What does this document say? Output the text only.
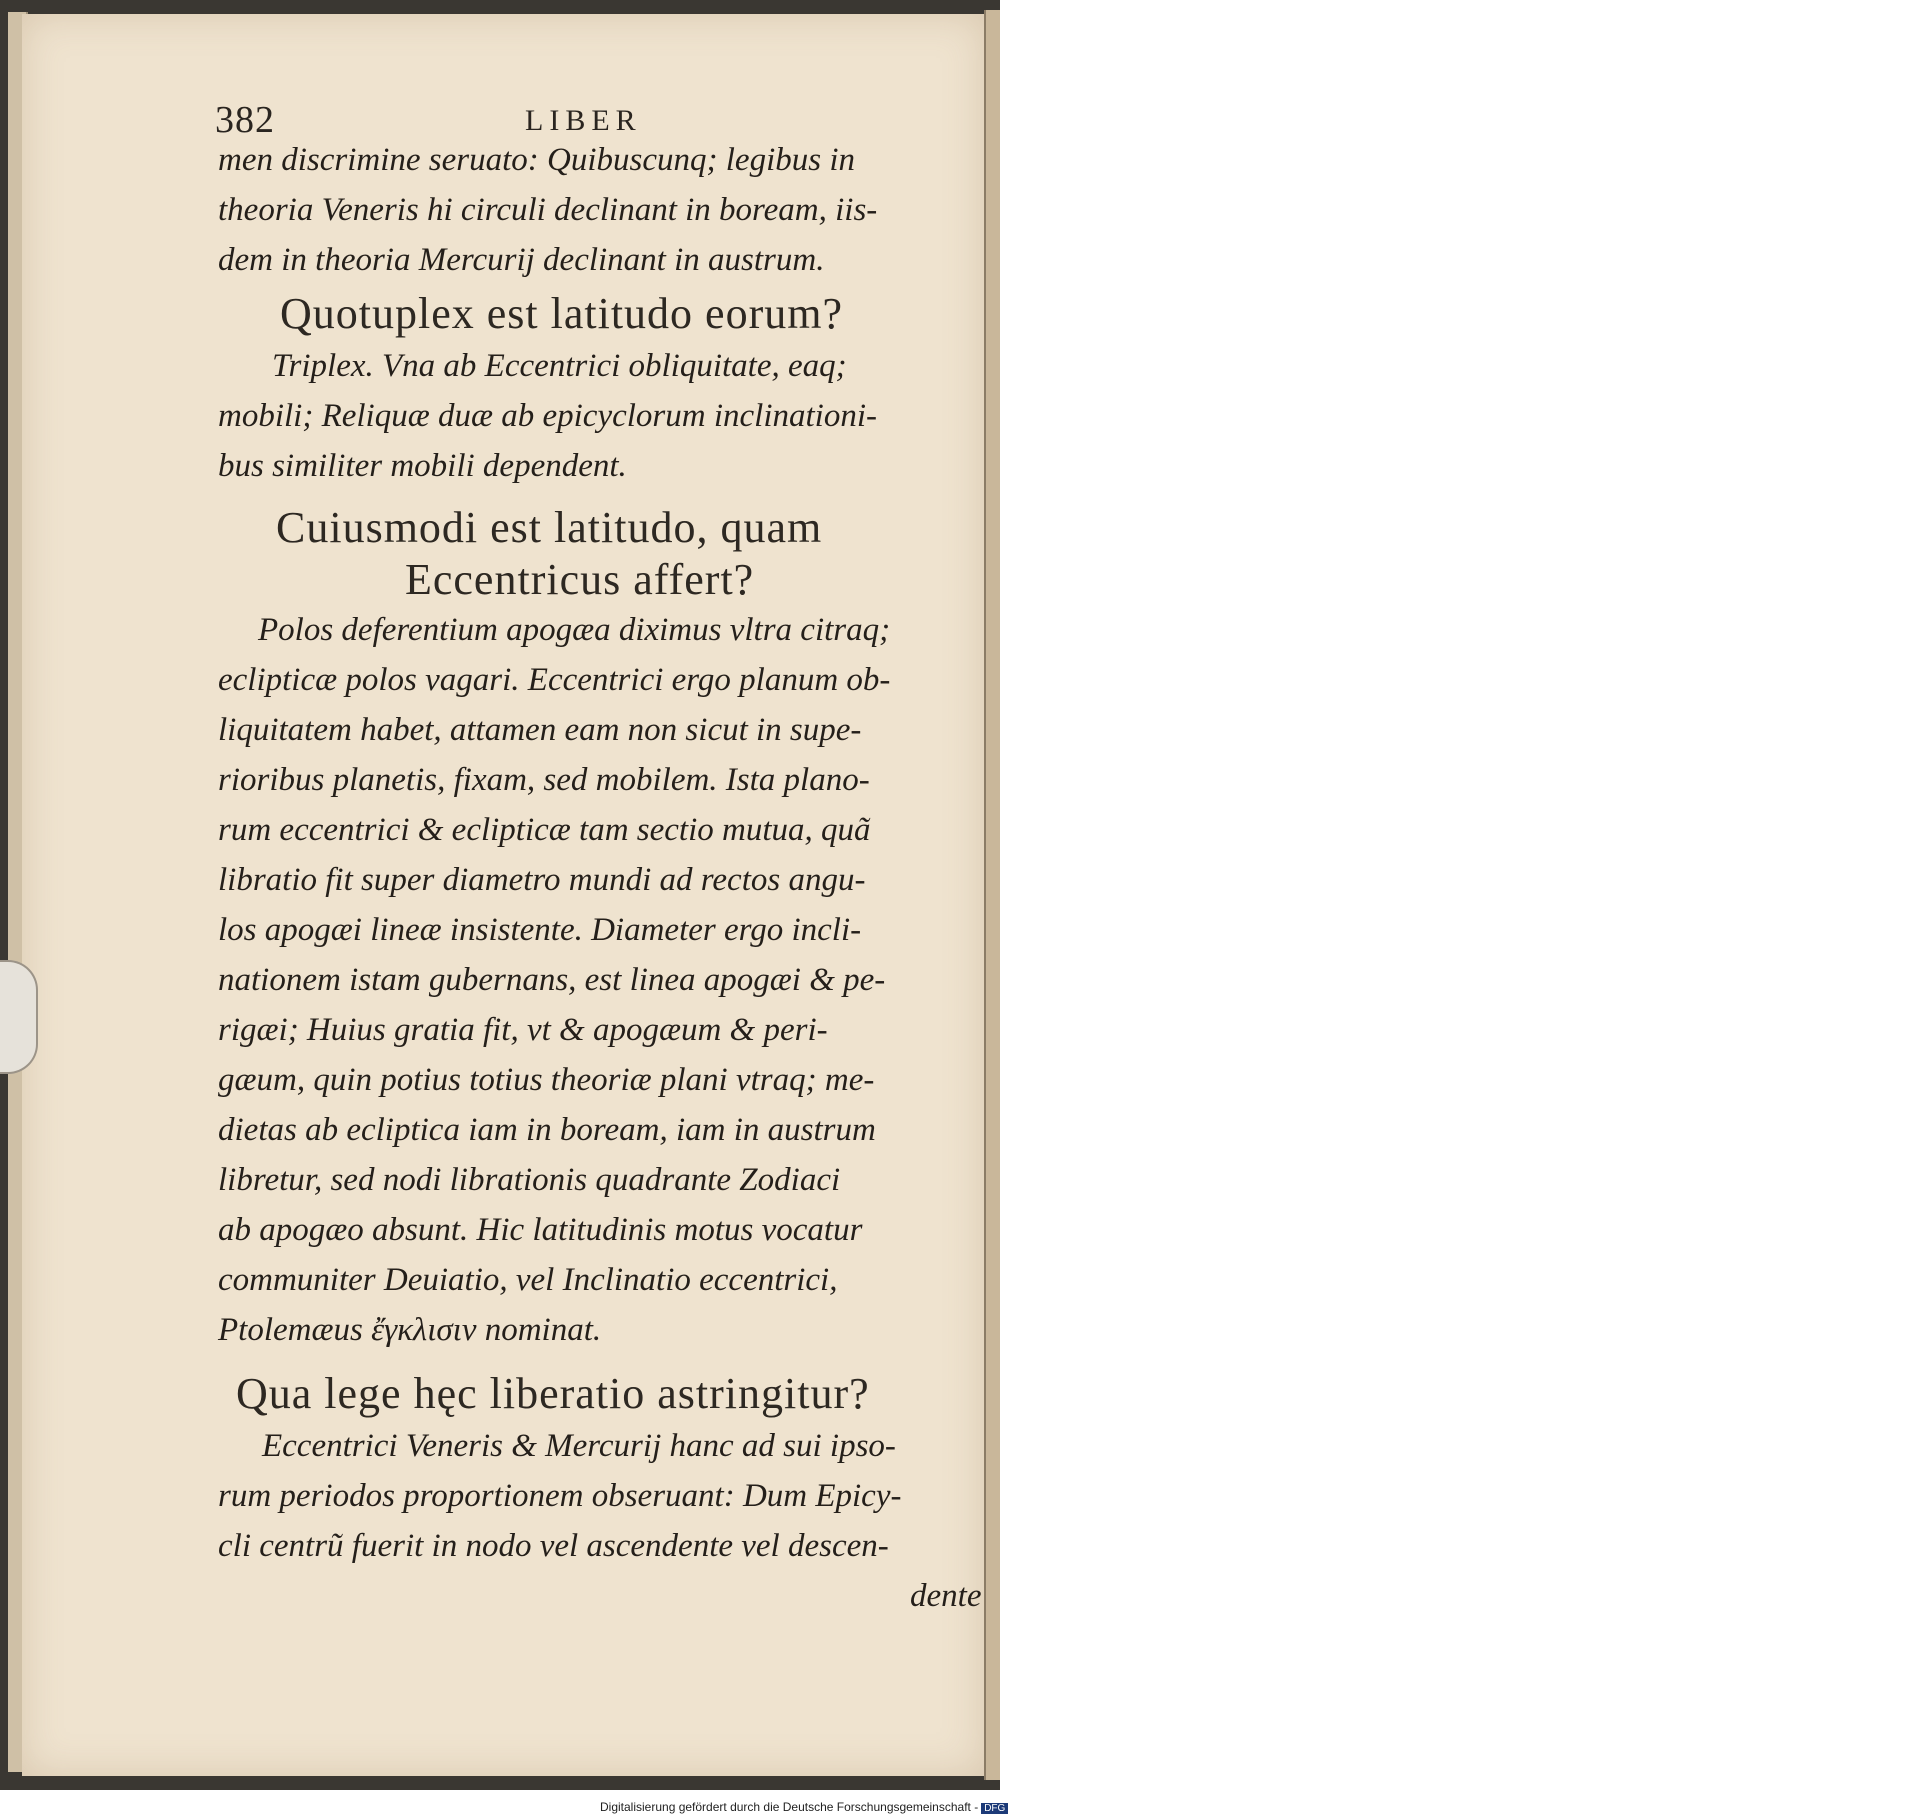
382	LIBER
men discrimine seruato: Quibuscunq; legibus in
theoria Veneris hi circuli declinant in boream, iis-
dem in theoria Mercurij declinant in austrum.
Quotuplex est latitudo eorum?
Triplex. Vna ab Eccentrici obliquitate, eaq;
mobili; Reliquæ duæ ab epicyclorum inclinationi-
bus similiter mobili dependent.
Cuiusmodi est latitudo, quam
Eccentricus affert?
Polos deferentium apogæa diximus vltra citraq;
eclipticæ polos vagari. Eccentrici ergo planum ob-
liquitatem habet, attamen eam non sicut in supe-
rioribus planetis, fixam, sed mobilem. Ista plano-
rum eccentrici & eclipticæ tam sectio mutua, quã
libratio fit super diametro mundi ad rectos angu-
los apogæi lineæ insistente. Diameter ergo incli-
nationem istam gubernans, est linea apogæi & pe-
rigæi; Huius gratia fit, vt & apogæum & peri-
gæum, quin potius totius theoriæ plani vtraq; me-
dietas ab ecliptica iam in boream, iam in austrum
libretur, sed nodi librationis quadrante Zodiaci
ab apogæo absunt. Hic latitudinis motus vocatur
communiter Deuiatio, vel Inclinatio eccentrici,
Ptolemæus ἔγκλισιν nominat.
Qua lege hęc liberatio astringitur?
Eccentrici Veneris & Mercurij hanc ad sui ipso-
rum periodos proportionem obseruant: Dum Epicy-
cli centrũ fuerit in nodo vel ascendente vel descen-
dente
Digitalisierung gefördert durch die Deutsche Forschungsgemeinschaft - DFG
